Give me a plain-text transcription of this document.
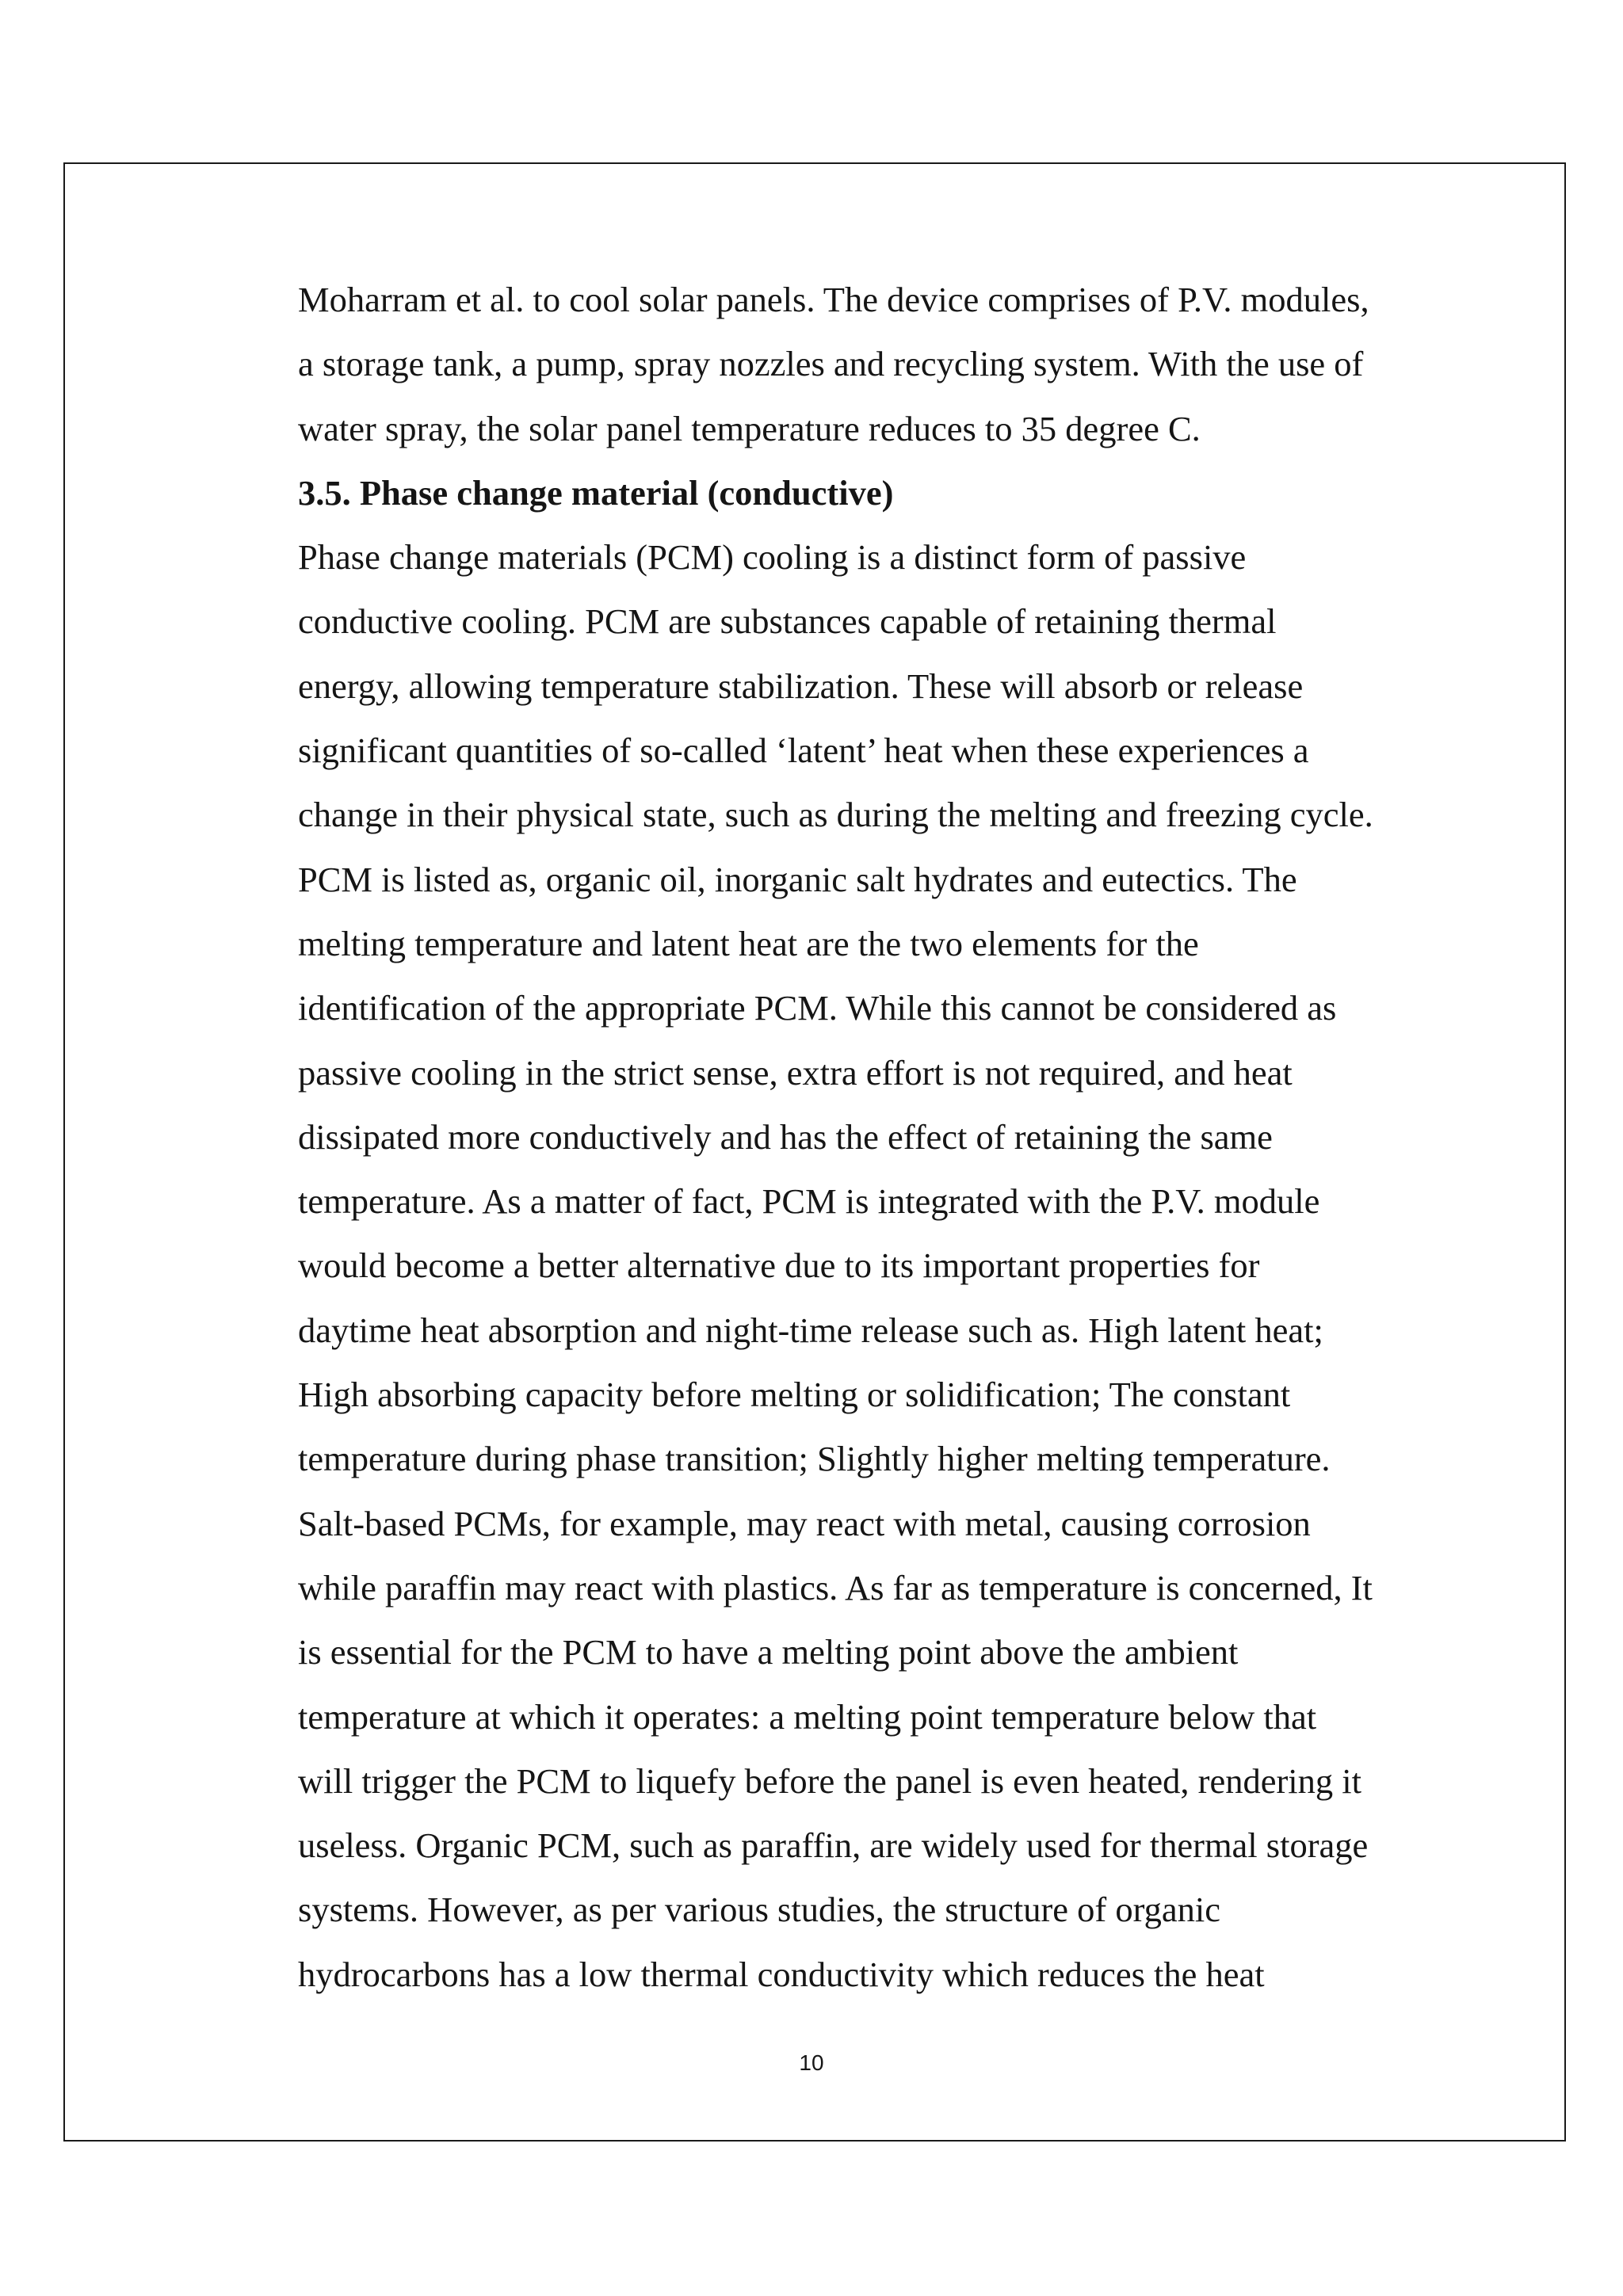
Moharram et al. to cool solar panels. The device comprises of P.V. modules,
a storage tank, a pump, spray nozzles and recycling system. With the use of
water spray, the solar panel temperature reduces to 35 degree C.
3.5. Phase change material (conductive)
Phase change materials (PCM) cooling is a distinct form of passive
conductive cooling. PCM are substances capable of retaining thermal
energy, allowing temperature stabilization. These will absorb or release
significant quantities of so-called ‘latent’ heat when these experiences a
change in their physical state, such as during the melting and freezing cycle.
PCM is listed as, organic oil, inorganic salt hydrates and eutectics. The
melting temperature and latent heat are the two elements for the
identification of the appropriate PCM. While this cannot be considered as
passive cooling in the strict sense, extra effort is not required, and heat
dissipated more conductively and has the effect of retaining the same
temperature. As a matter of fact, PCM is integrated with the P.V. module
would become a better alternative due to its important properties for
daytime heat absorption and night-time release such as. High latent heat;
High absorbing capacity before melting or solidification; The constant
temperature during phase transition; Slightly higher melting temperature.
Salt-based PCMs, for example, may react with metal, causing corrosion
while paraffin may react with plastics. As far as temperature is concerned, It
is essential for the PCM to have a melting point above the ambient
temperature at which it operates: a melting point temperature below that
will trigger the PCM to liquefy before the panel is even heated, rendering it
useless. Organic PCM, such as paraffin, are widely used for thermal storage
systems. However, as per various studies, the structure of organic
hydrocarbons has a low thermal conductivity which reduces the heat
10
